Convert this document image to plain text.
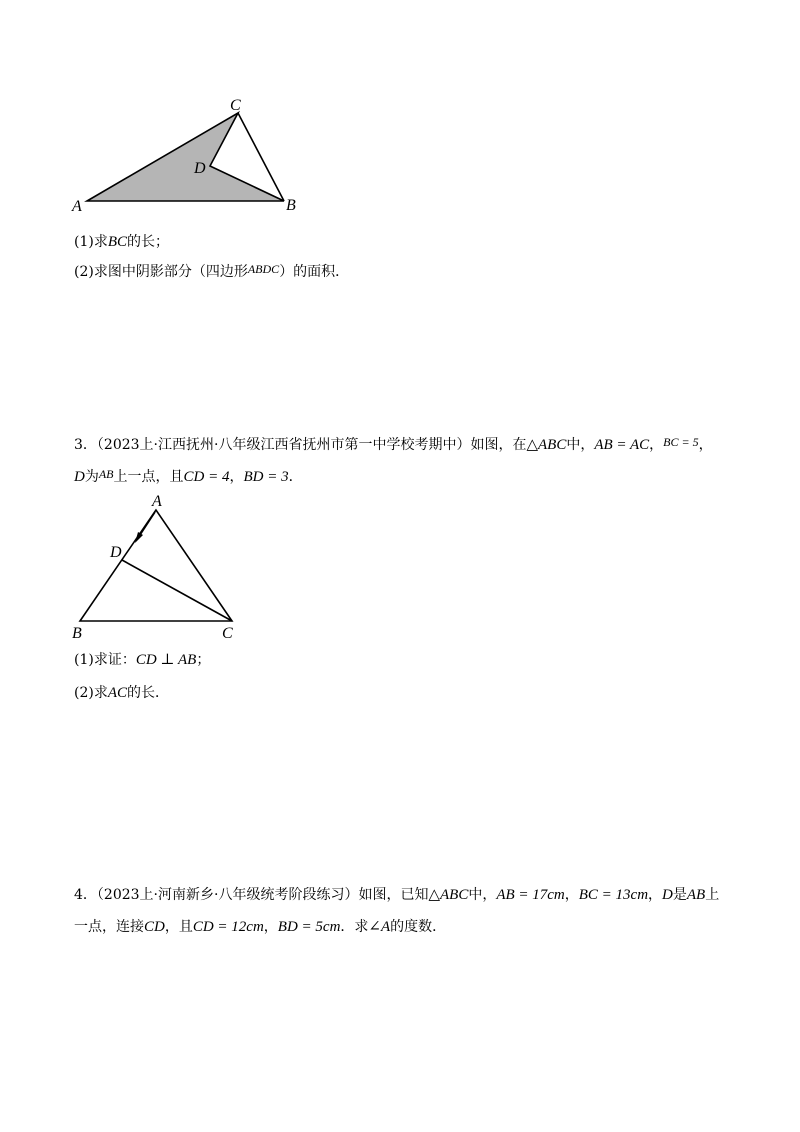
A	B
C
D
(1)求BC的长；
(2)求图中阴影部分（四边形ABDC）的面积．
3．（2023上·江西抚州·八年级江西省抚州市第一中学校考期中）如图，在△ABC中，AB = AC，BC = 5，
D为AB上一点，且CD = 4，BD = 3．
A
B	C
D
(1)求证：CD ⊥ AB；
(2)求AC的长．
4．（2023上·河南新乡·八年级统考阶段练习）如图，已知△ABC中，AB = 17cm，BC = 13cm，D是AB上
一点，连接CD，且CD = 12cm，BD = 5cm．求∠A的度数．
